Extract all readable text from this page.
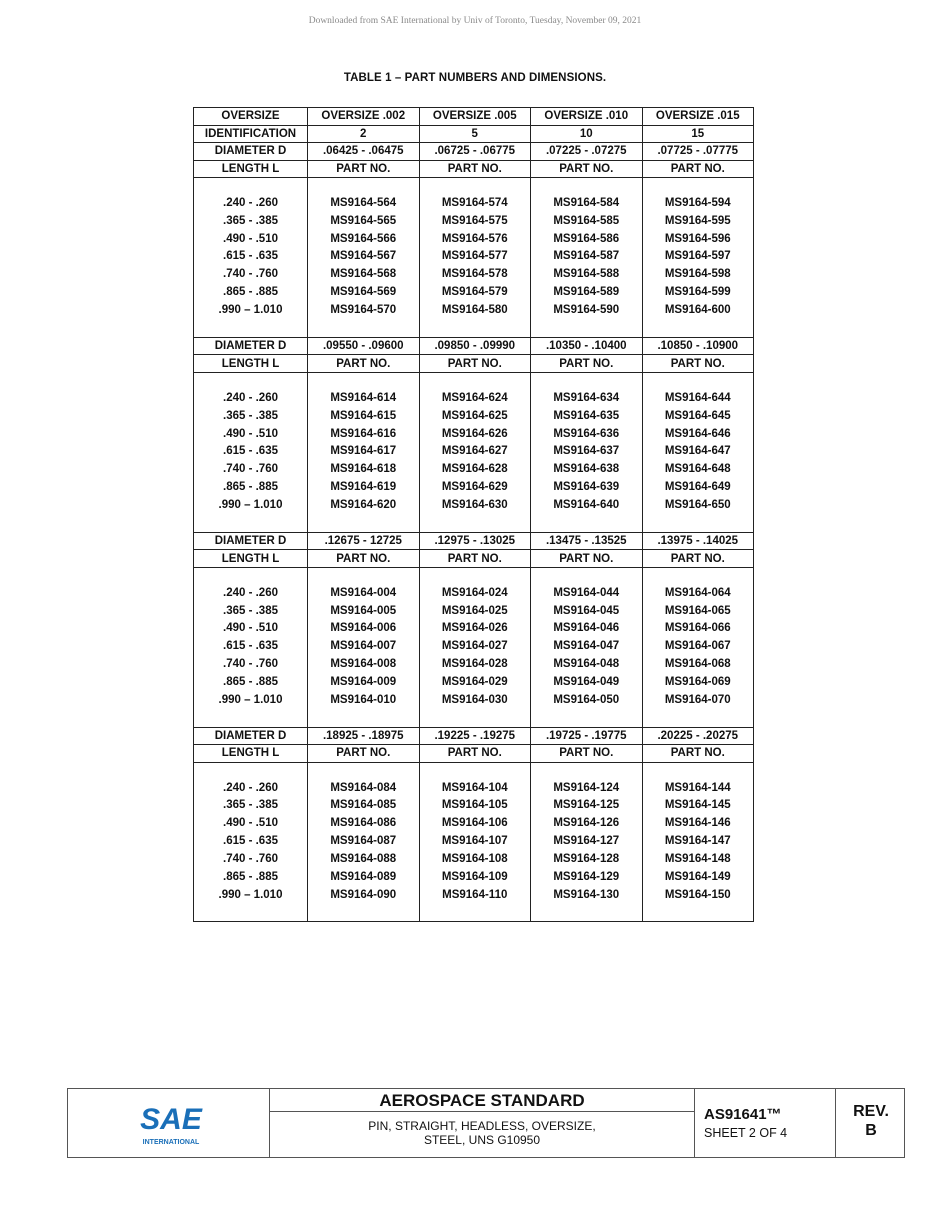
Downloaded from SAE International by Univ of Toronto, Tuesday, November 09, 2021
TABLE 1 – PART NUMBERS AND DIMENSIONS.
OVERSIZE	OVERSIZE .002	OVERSIZE .005	OVERSIZE .010	OVERSIZE .015
IDENTIFICATION	2	5	10	15
DIAMETER D	.06425 - .06475	.06725 - .06775	.07225 - .07275	.07725 - .07775
LENGTH L	PART NO.	PART NO.	PART NO.	PART NO.

.240 - .260	MS9164-564	MS9164-574	MS9164-584	MS9164-594
.365 - .385	MS9164-565	MS9164-575	MS9164-585	MS9164-595
.490 - .510	MS9164-566	MS9164-576	MS9164-586	MS9164-596
.615 - .635	MS9164-567	MS9164-577	MS9164-587	MS9164-597
.740 - .760	MS9164-568	MS9164-578	MS9164-588	MS9164-598
.865 - .885	MS9164-569	MS9164-579	MS9164-589	MS9164-599
.990 – 1.010	MS9164-570	MS9164-580	MS9164-590	MS9164-600

DIAMETER D	.09550 - .09600	.09850 - .09990	.10350 - .10400	.10850 - .10900
LENGTH L	PART NO.	PART NO.	PART NO.	PART NO.

.240 - .260	MS9164-614	MS9164-624	MS9164-634	MS9164-644
.365 - .385	MS9164-615	MS9164-625	MS9164-635	MS9164-645
.490 - .510	MS9164-616	MS9164-626	MS9164-636	MS9164-646
.615 - .635	MS9164-617	MS9164-627	MS9164-637	MS9164-647
.740 - .760	MS9164-618	MS9164-628	MS9164-638	MS9164-648
.865 - .885	MS9164-619	MS9164-629	MS9164-639	MS9164-649
.990 – 1.010	MS9164-620	MS9164-630	MS9164-640	MS9164-650

DIAMETER D	.12675 - 12725	.12975 - .13025	.13475 - .13525	.13975 - .14025
LENGTH L	PART NO.	PART NO.	PART NO.	PART NO.

.240 - .260	MS9164-004	MS9164-024	MS9164-044	MS9164-064
.365 - .385	MS9164-005	MS9164-025	MS9164-045	MS9164-065
.490 - .510	MS9164-006	MS9164-026	MS9164-046	MS9164-066
.615 - .635	MS9164-007	MS9164-027	MS9164-047	MS9164-067
.740 - .760	MS9164-008	MS9164-028	MS9164-048	MS9164-068
.865 - .885	MS9164-009	MS9164-029	MS9164-049	MS9164-069
.990 – 1.010	MS9164-010	MS9164-030	MS9164-050	MS9164-070

DIAMETER D	.18925 - .18975	.19225 - .19275	.19725 - .19775	.20225 - .20275
LENGTH L	PART NO.	PART NO.	PART NO.	PART NO.

.240 - .260	MS9164-084	MS9164-104	MS9164-124	MS9164-144
.365 - .385	MS9164-085	MS9164-105	MS9164-125	MS9164-145
.490 - .510	MS9164-086	MS9164-106	MS9164-126	MS9164-146
.615 - .635	MS9164-087	MS9164-107	MS9164-127	MS9164-147
.740 - .760	MS9164-088	MS9164-108	MS9164-128	MS9164-148
.865 - .885	MS9164-089	MS9164-109	MS9164-129	MS9164-149
.990 – 1.010	MS9164-090	MS9164-110	MS9164-130	MS9164-150

SAE
INTERNATIONAL
AEROSPACE STANDARD
PIN, STRAIGHT, HEADLESS, OVERSIZE,
STEEL, UNS G10950
AS91641™
SHEET 2 OF 4
REV.
B
